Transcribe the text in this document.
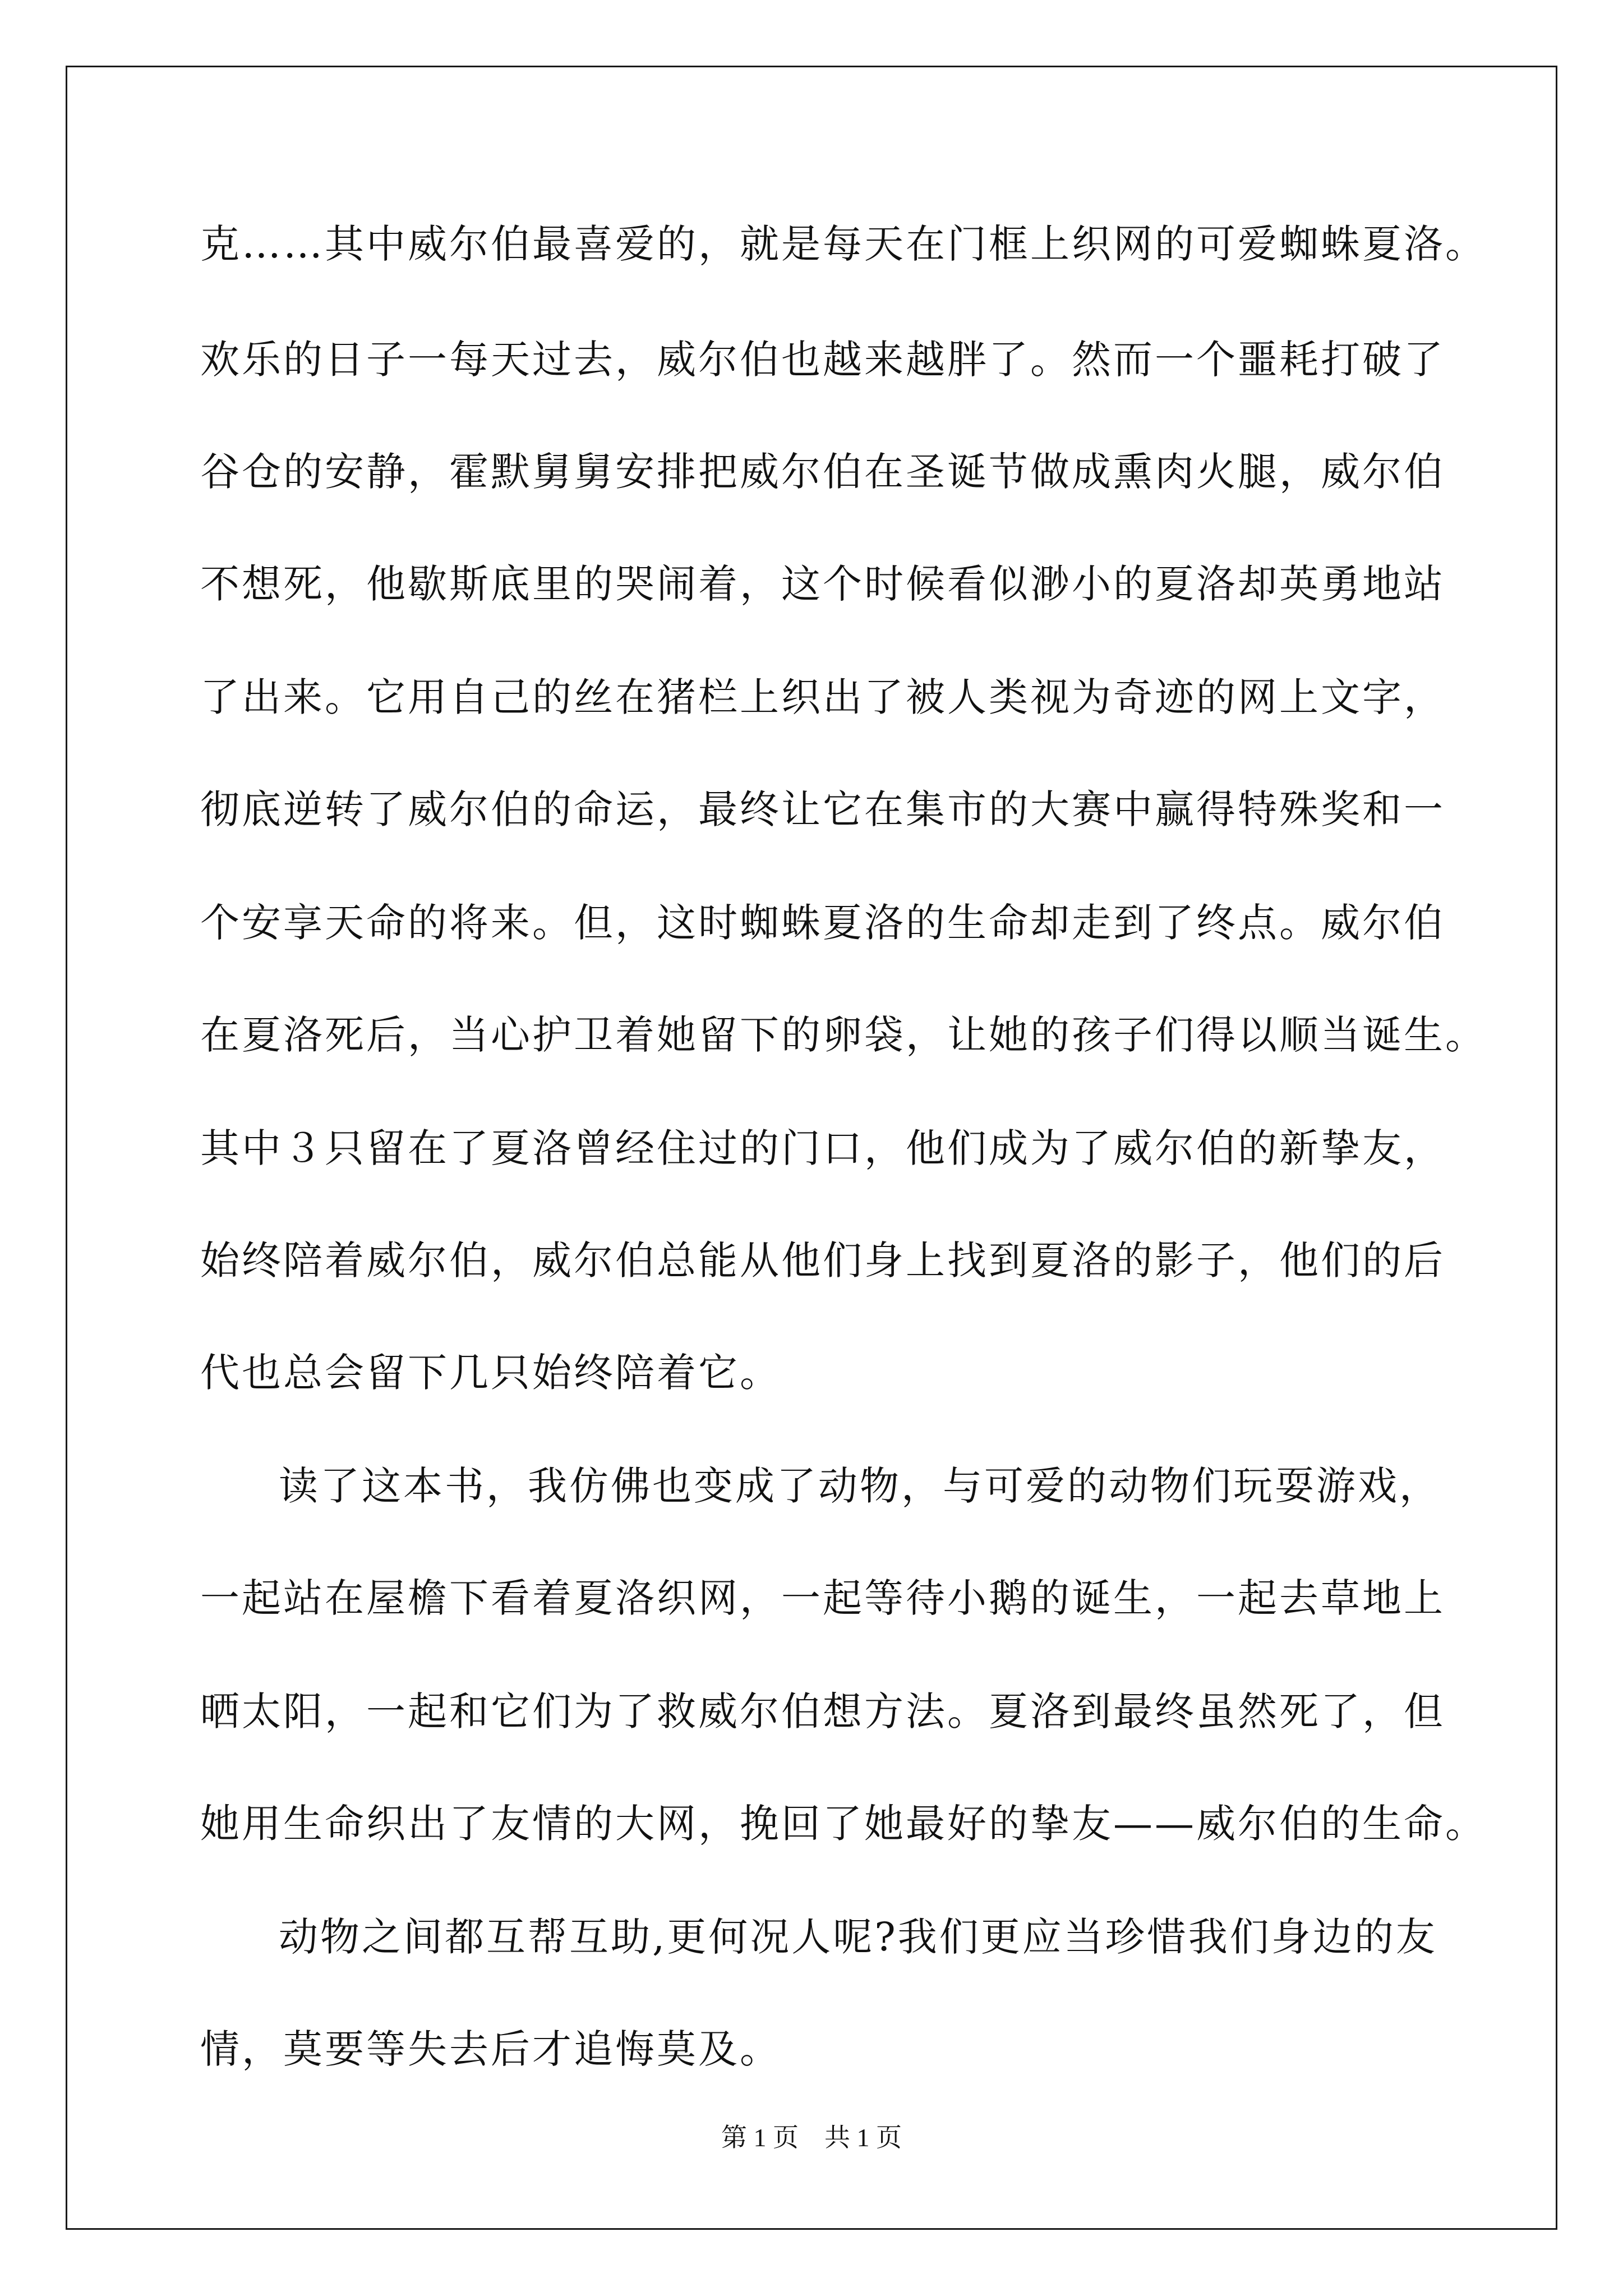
克……其中威尔伯最喜爱的，就是每天在门框上织网的可爱蜘蛛夏洛。
欢乐的日子一每天过去，威尔伯也越来越胖了。然而一个噩耗打破了
谷仓的安静，霍默舅舅安排把威尔伯在圣诞节做成熏肉火腿，威尔伯
不想死，他歇斯底里的哭闹着，这个时候看似渺小的夏洛却英勇地站
了出来。它用自己的丝在猪栏上织出了被人类视为奇迹的网上文字，
彻底逆转了威尔伯的命运，最终让它在集市的大赛中赢得特殊奖和一
个安享天命的将来。但，这时蜘蛛夏洛的生命却走到了终点。威尔伯
在夏洛死后，当心护卫着她留下的卵袋，让她的孩子们得以顺当诞生。
其中３只留在了夏洛曾经住过的门口，他们成为了威尔伯的新挚友，
始终陪着威尔伯，威尔伯总能从他们身上找到夏洛的影子，他们的后
代也总会留下几只始终陪着它。
读了这本书，我仿佛也变成了动物，与可爱的动物们玩耍游戏，
一起站在屋檐下看着夏洛织网，一起等待小鹅的诞生，一起去草地上
晒太阳，一起和它们为了救威尔伯想方法。夏洛到最终虽然死了，但
她用生命织出了友情的大网，挽回了她最好的挚友——威尔伯的生命。
动物之间都互帮互助,更何况人呢?我们更应当珍惜我们身边的友
情，莫要等失去后才追悔莫及。
第 1 页 共 1 页
